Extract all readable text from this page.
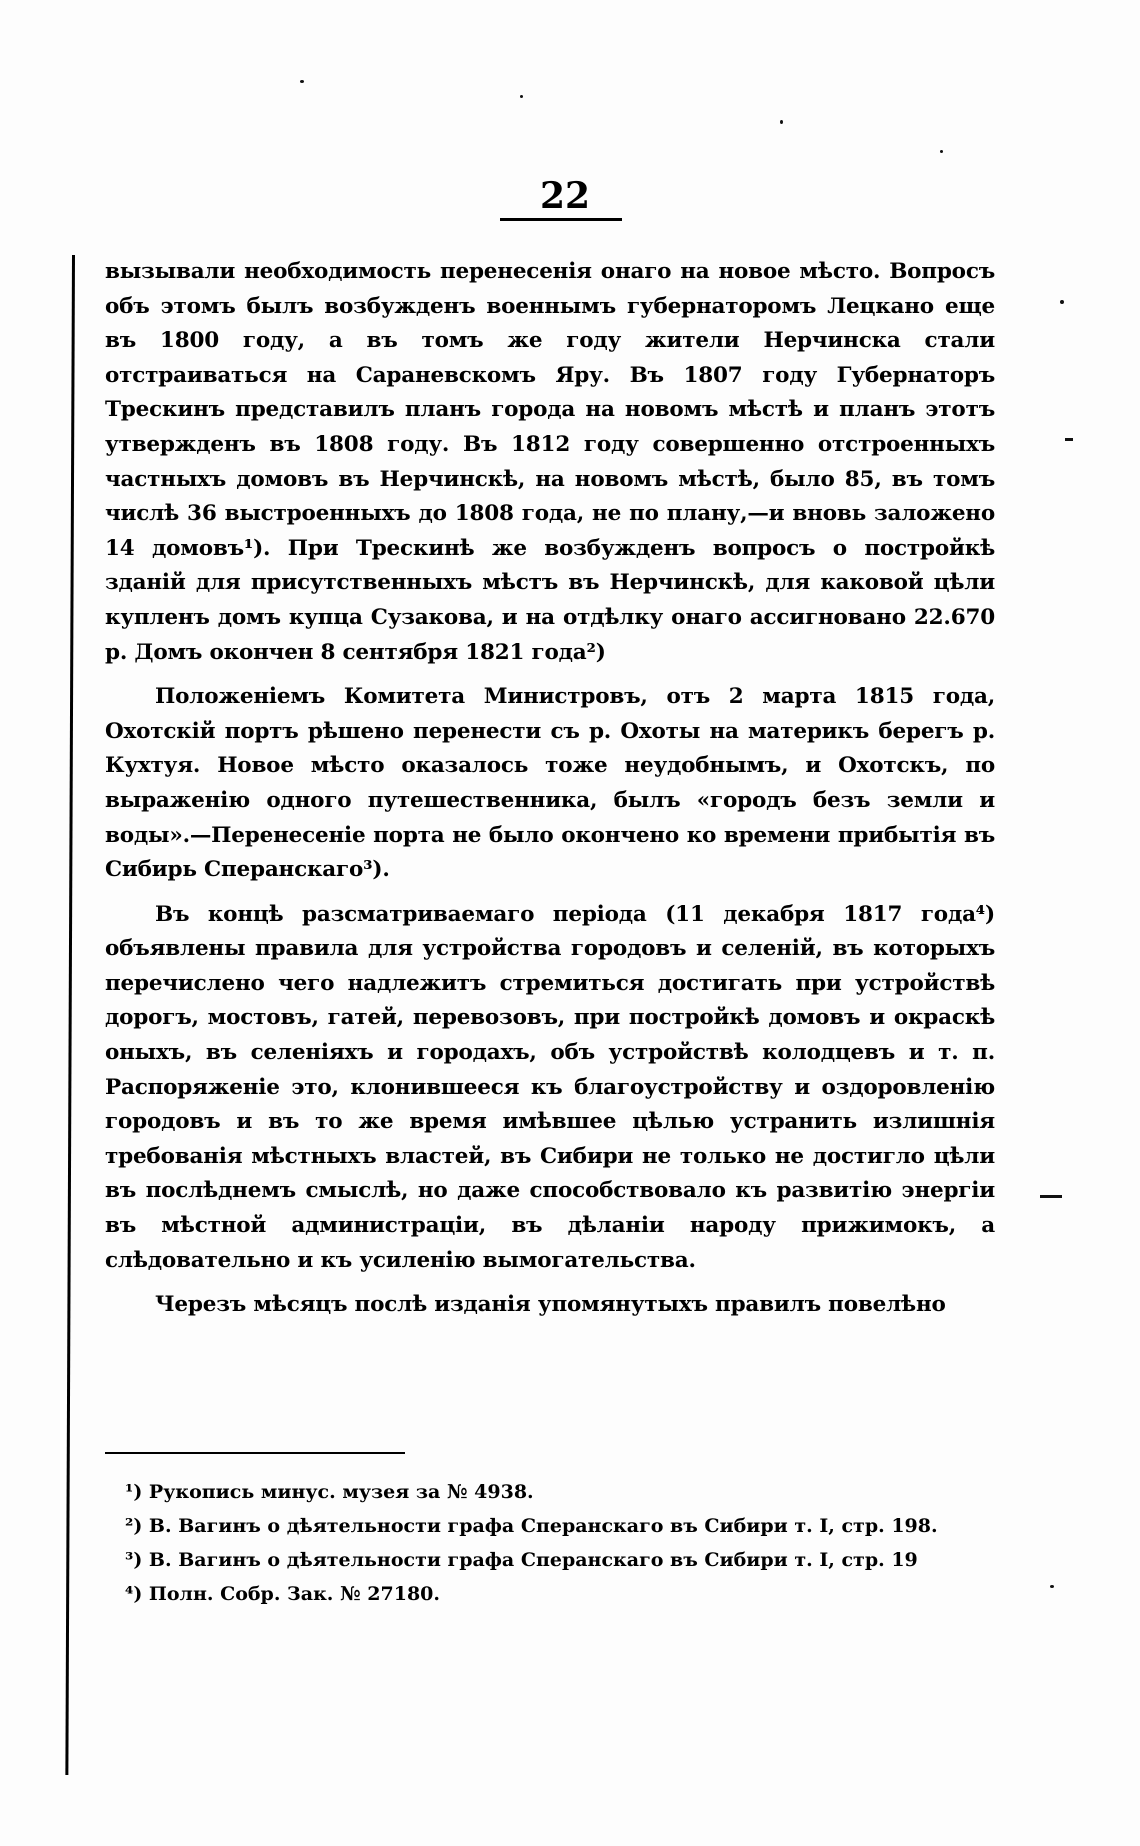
22

вызывали необходимость перенесенія онаго на новое мѣсто. Вопросъ объ этомъ былъ возбужденъ военнымъ губернаторомъ Лецкано еще въ 1800 году, а въ томъ же году жители Нерчинска стали отстраиваться на Сараневскомъ Яру. Въ 1807 году Губернаторъ Трескинъ представилъ планъ города на новомъ мѣстѣ и планъ этотъ утвержденъ въ 1808 году. Въ 1812 году совершенно отстроенныхъ частныхъ домовъ въ Нерчинскѣ, на новомъ мѣстѣ, было 85, въ томъ числѣ 36 выстроенныхъ до 1808 года, не по плану,—и вновь заложено 14 домовъ¹). При Трескинѣ же возбужденъ вопросъ о постройкѣ зданій для присутственныхъ мѣстъ въ Нерчинскѣ, для каковой цѣли купленъ домъ купца Сузакова, и на отдѣлку онаго ассигновано 22.670 р. Домъ окончен 8 сентября 1821 года²)

Положеніемъ Комитета Министровъ, отъ 2 марта 1815 года, Охотскій портъ рѣшено перенести съ р. Охоты на материкъ берегъ р. Кухтуя. Новое мѣсто оказалось тоже неудобнымъ, и Охотскъ, по выраженію одного путешественника, былъ «городъ безъ земли и воды».—Перенесеніе порта не было окончено ко времени прибытія въ Сибирь Сперанскаго³).

Въ концѣ разсматриваемаго періода (11 декабря 1817 года⁴) объявлены правила для устройства городовъ и селеній, въ которыхъ перечислено чего надлежитъ стремиться достигать при устройствѣ дорогъ, мостовъ, гатей, перевозовъ, при постройкѣ домовъ и окраскѣ оныхъ, въ селеніяхъ и городахъ, объ устройствѣ колодцевъ и т. п. Распоряженіе это, клонившееся къ благоустройству и оздоровленію городовъ и въ то же время имѣвшее цѣлью устранить излишнія требованія мѣстныхъ властей, въ Сибири не только не достигло цѣли въ послѣднемъ смыслѣ, но даже способствовало къ развитію энергіи въ мѣстной администраціи, въ дѣланіи народу прижимокъ, а слѣдовательно и къ усиленію вымогательства.

Черезъ мѣсяцъ послѣ изданія упомянутыхъ правилъ повелѣно

¹) Рукопись минус. музея за № 4938.
²) В. Вагинъ о дѣятельности графа Сперанскаго въ Сибири т. I, стр. 198.
³) В. Вагинъ о дѣятельности графа Сперанскаго въ Сибири т. I, стр. 19
⁴) Полн. Собр. Зак. № 27180.
